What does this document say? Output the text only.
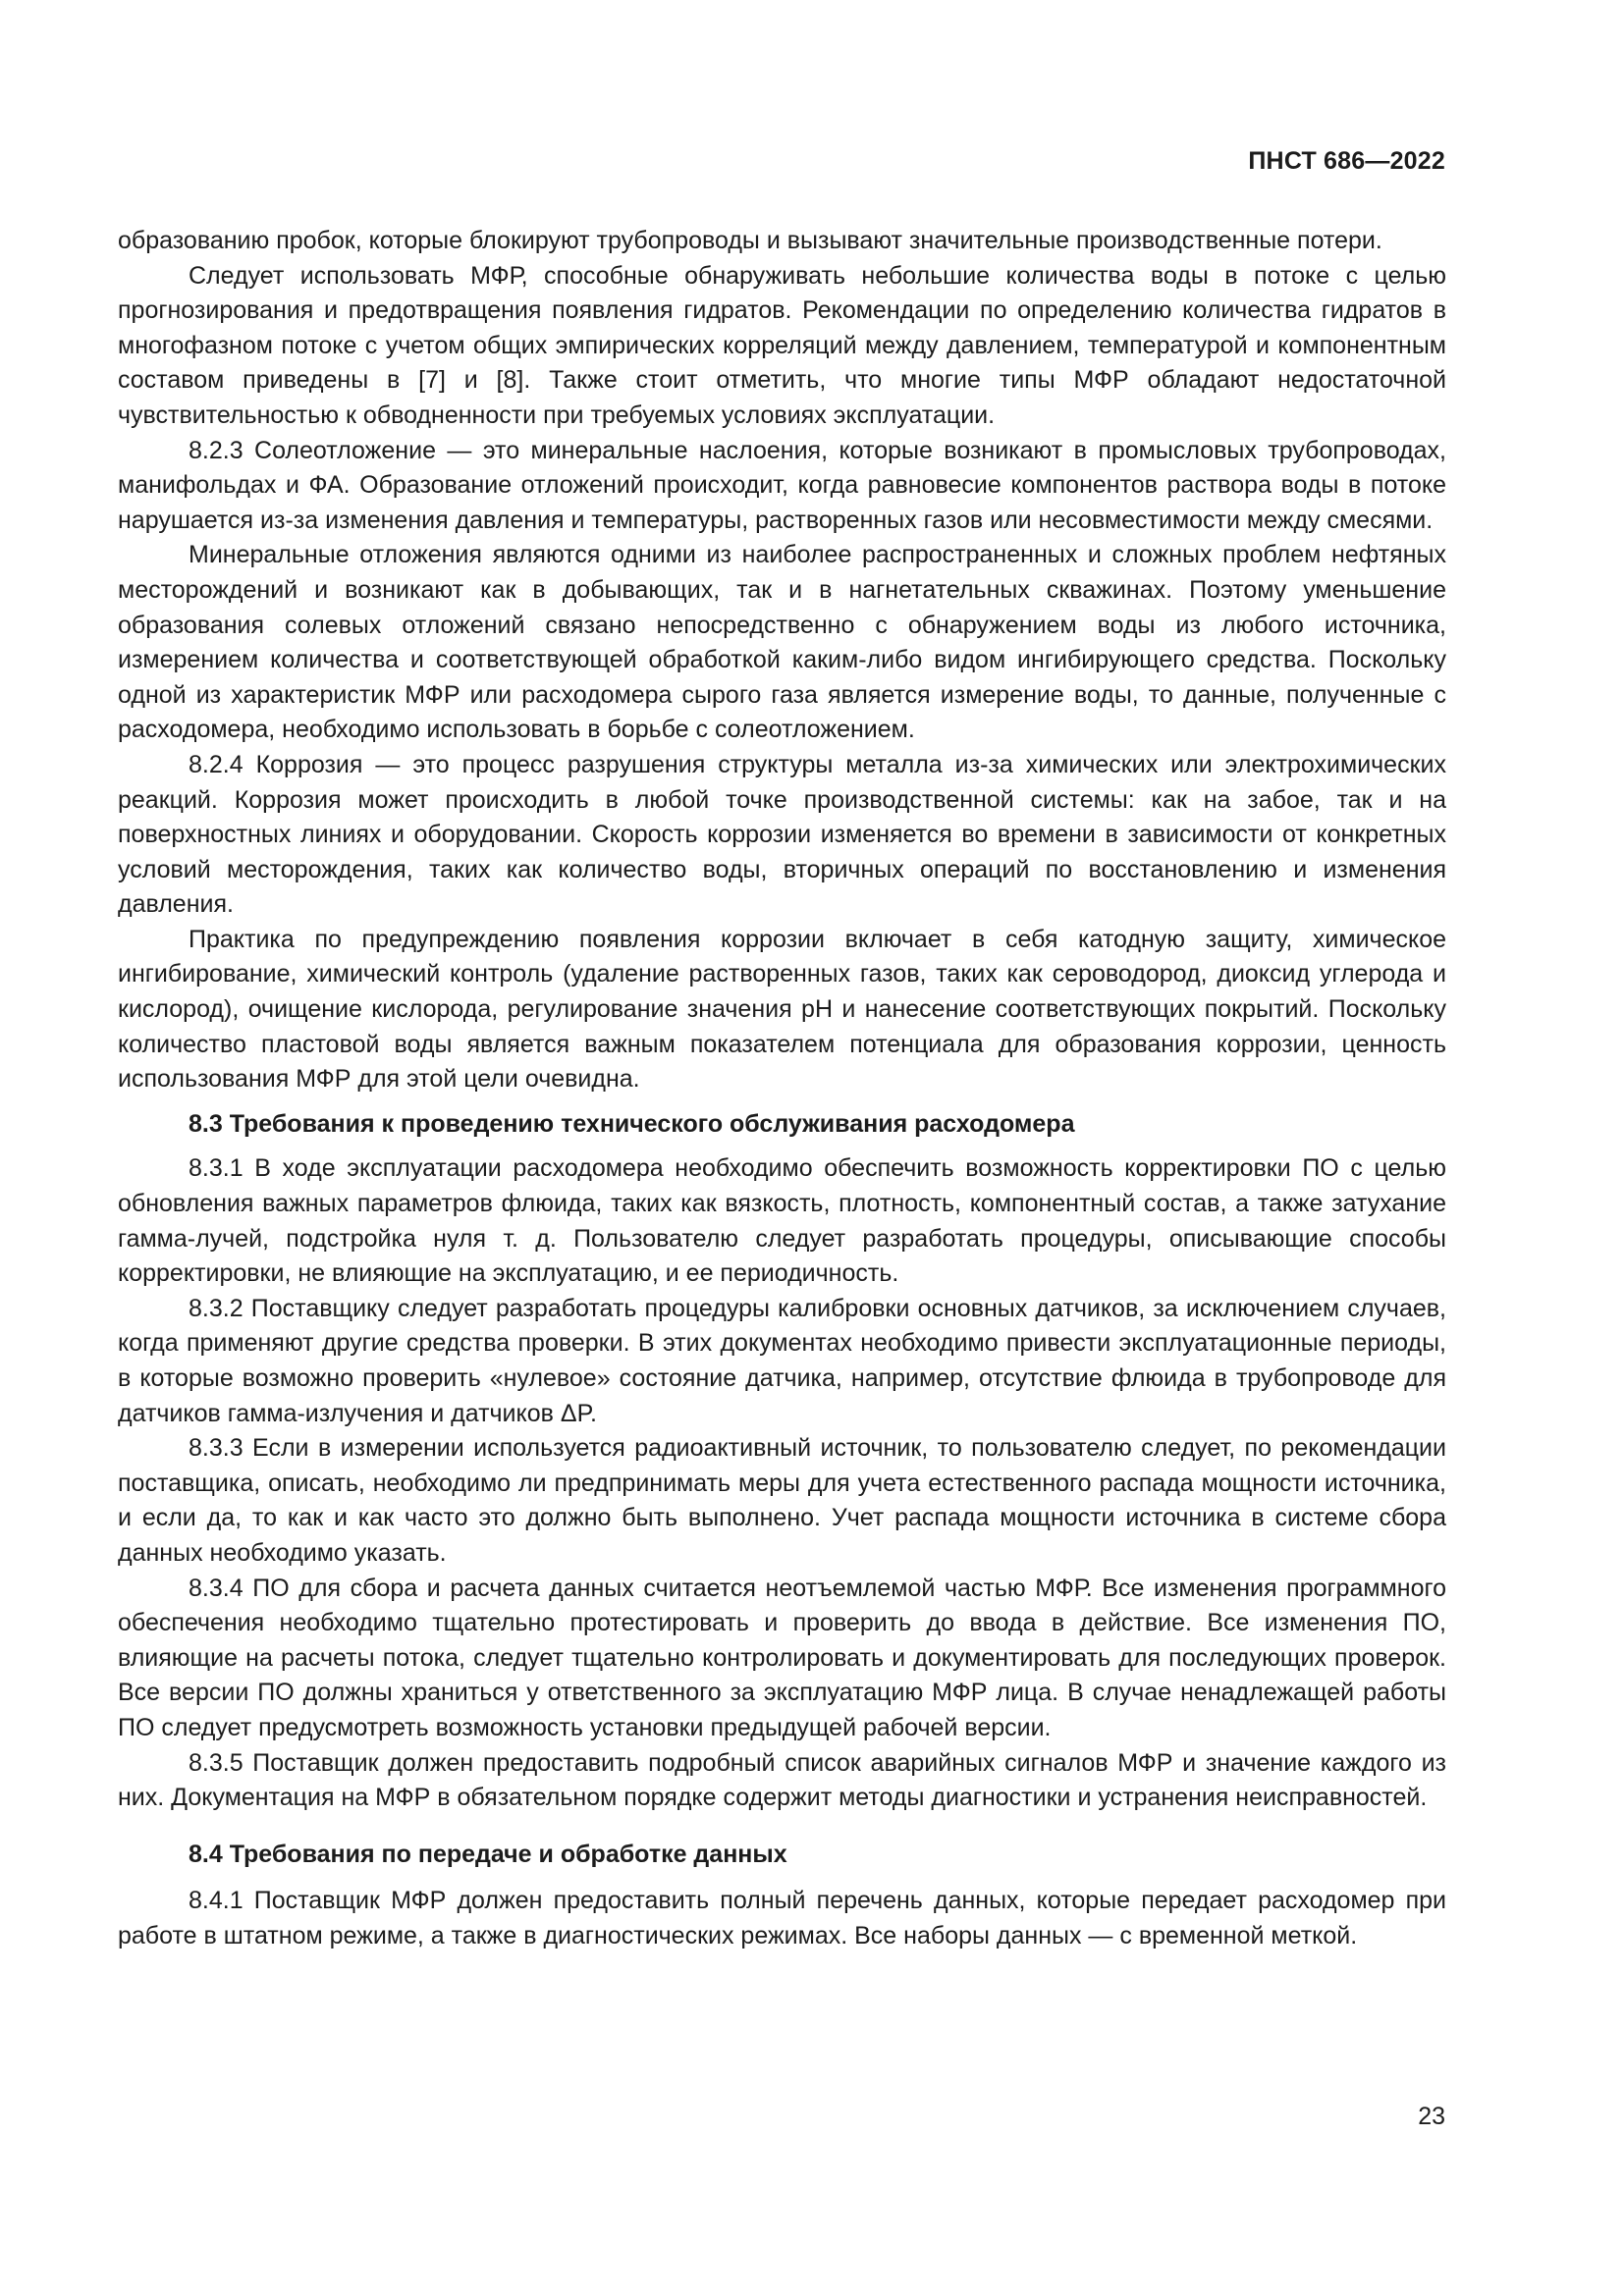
ПНСТ 686—2022

образованию пробок, которые блокируют трубопроводы и вызывают значительные производственные потери.

Следует использовать МФР, способные обнаруживать небольшие количества воды в потоке с целью прогнозирования и предотвращения появления гидратов. Рекомендации по определению количества гидратов в многофазном потоке с учетом общих эмпирических корреляций между давлением, температурой и компонентным составом приведены в [7] и [8]. Также стоит отметить, что многие типы МФР обладают недостаточной чувствительностью к обводненности при требуемых условиях эксплуатации.

8.2.3 Солеотложение — это минеральные наслоения, которые возникают в промысловых трубопроводах, манифольдах и ФА. Образование отложений происходит, когда равновесие компонентов раствора воды в потоке нарушается из-за изменения давления и температуры, растворенных газов или несовместимости между смесями.

Минеральные отложения являются одними из наиболее распространенных и сложных проблем нефтяных месторождений и возникают как в добывающих, так и в нагнетательных скважинах. Поэтому уменьшение образования солевых отложений связано непосредственно с обнаружением воды из любого источника, измерением количества и соответствующей обработкой каким-либо видом ингибирующего средства. Поскольку одной из характеристик МФР или расходомера сырого газа является измерение воды, то данные, полученные с расходомера, необходимо использовать в борьбе с солеотложением.

8.2.4 Коррозия — это процесс разрушения структуры металла из-за химических или электрохимических реакций. Коррозия может происходить в любой точке производственной системы: как на забое, так и на поверхностных линиях и оборудовании. Скорость коррозии изменяется во времени в зависимости от конкретных условий месторождения, таких как количество воды, вторичных операций по восстановлению и изменения давления.

Практика по предупреждению появления коррозии включает в себя катодную защиту, химическое ингибирование, химический контроль (удаление растворенных газов, таких как сероводород, диоксид углерода и кислород), очищение кислорода, регулирование значения pH и нанесение соответствующих покрытий. Поскольку количество пластовой воды является важным показателем потенциала для образования коррозии, ценность использования МФР для этой цели очевидна.

8.3 Требования к проведению технического обслуживания расходомера

8.3.1 В ходе эксплуатации расходомера необходимо обеспечить возможность корректировки ПО с целью обновления важных параметров флюида, таких как вязкость, плотность, компонентный состав, а также затухание гамма-лучей, подстройка нуля т. д. Пользователю следует разработать процедуры, описывающие способы корректировки, не влияющие на эксплуатацию, и ее периодичность.

8.3.2 Поставщику следует разработать процедуры калибровки основных датчиков, за исключением случаев, когда применяют другие средства проверки. В этих документах необходимо привести эксплуатационные периоды, в которые возможно проверить «нулевое» состояние датчика, например, отсутствие флюида в трубопроводе для датчиков гамма-излучения и датчиков ΔP.

8.3.3 Если в измерении используется радиоактивный источник, то пользователю следует, по рекомендации поставщика, описать, необходимо ли предпринимать меры для учета естественного распада мощности источника, и если да, то как и как часто это должно быть выполнено. Учет распада мощности источника в системе сбора данных необходимо указать.

8.3.4 ПО для сбора и расчета данных считается неотъемлемой частью МФР. Все изменения программного обеспечения необходимо тщательно протестировать и проверить до ввода в действие. Все изменения ПО, влияющие на расчеты потока, следует тщательно контролировать и документировать для последующих проверок. Все версии ПО должны храниться у ответственного за эксплуатацию МФР лица. В случае ненадлежащей работы ПО следует предусмотреть возможность установки предыдущей рабочей версии.

8.3.5 Поставщик должен предоставить подробный список аварийных сигналов МФР и значение каждого из них. Документация на МФР в обязательном порядке содержит методы диагностики и устранения неисправностей.

8.4 Требования по передаче и обработке данных

8.4.1 Поставщик МФР должен предоставить полный перечень данных, которые передает расходомер при работе в штатном режиме, а также в диагностических режимах. Все наборы данных — с временной меткой.

23
